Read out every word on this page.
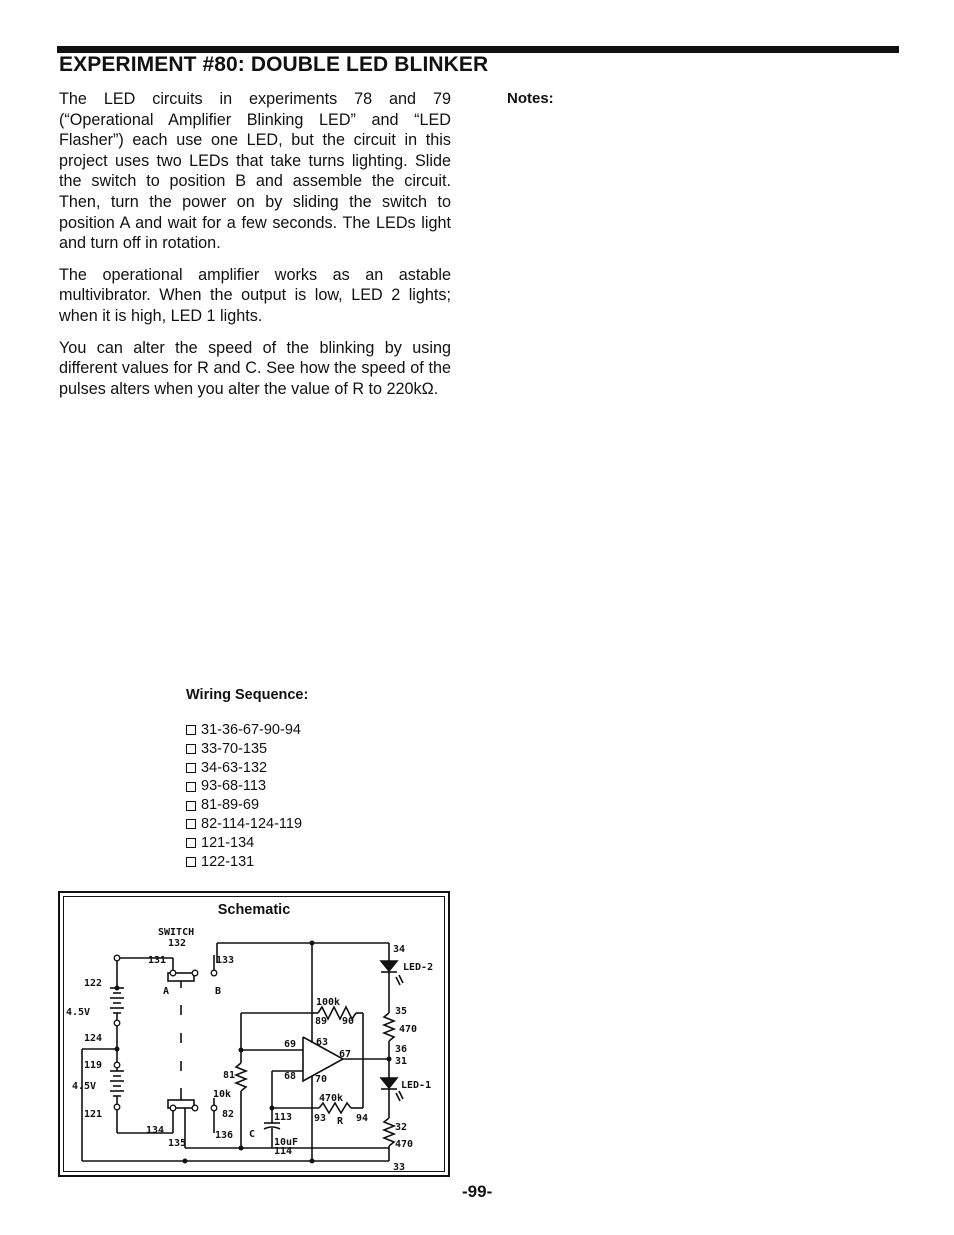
EXPERIMENT #80: DOUBLE LED BLINKER

The LED circuits in experiments 78 and 79 (“Operational Amplifier Blinking LED” and “LED Flasher”) each use one LED, but the circuit in this project uses two LEDs that take turns lighting. Slide the switch to position B and assemble the circuit. Then, turn the power on by sliding the switch to position A and wait for a few seconds. The LEDs light and turn off in rotation.

The operational amplifier works as an astable multivibrator. When the output is low, LED 2 lights; when it is high, LED 1 lights.

You can alter the speed of the blinking by using different values for R and C. See how the speed of the pulses alters when you alter the value of R to 220kΩ.

Notes:
Wiring Sequence:
31-36-67-90-94
33-70-135
34-63-132
93-68-113
81-89-69
82-114-124-119
121-134
122-131
Schematic
SWITCH
132
131	133
A	B
122
4.5V
124
119
4.5V
121
134
135
136
82
81
10k
100k
89 90
69 63
67
68 70
470k
93 R 94
113
C
10uF
114
34
LED-2
35
470
36
31
LED-1
32
470
33
-99-
